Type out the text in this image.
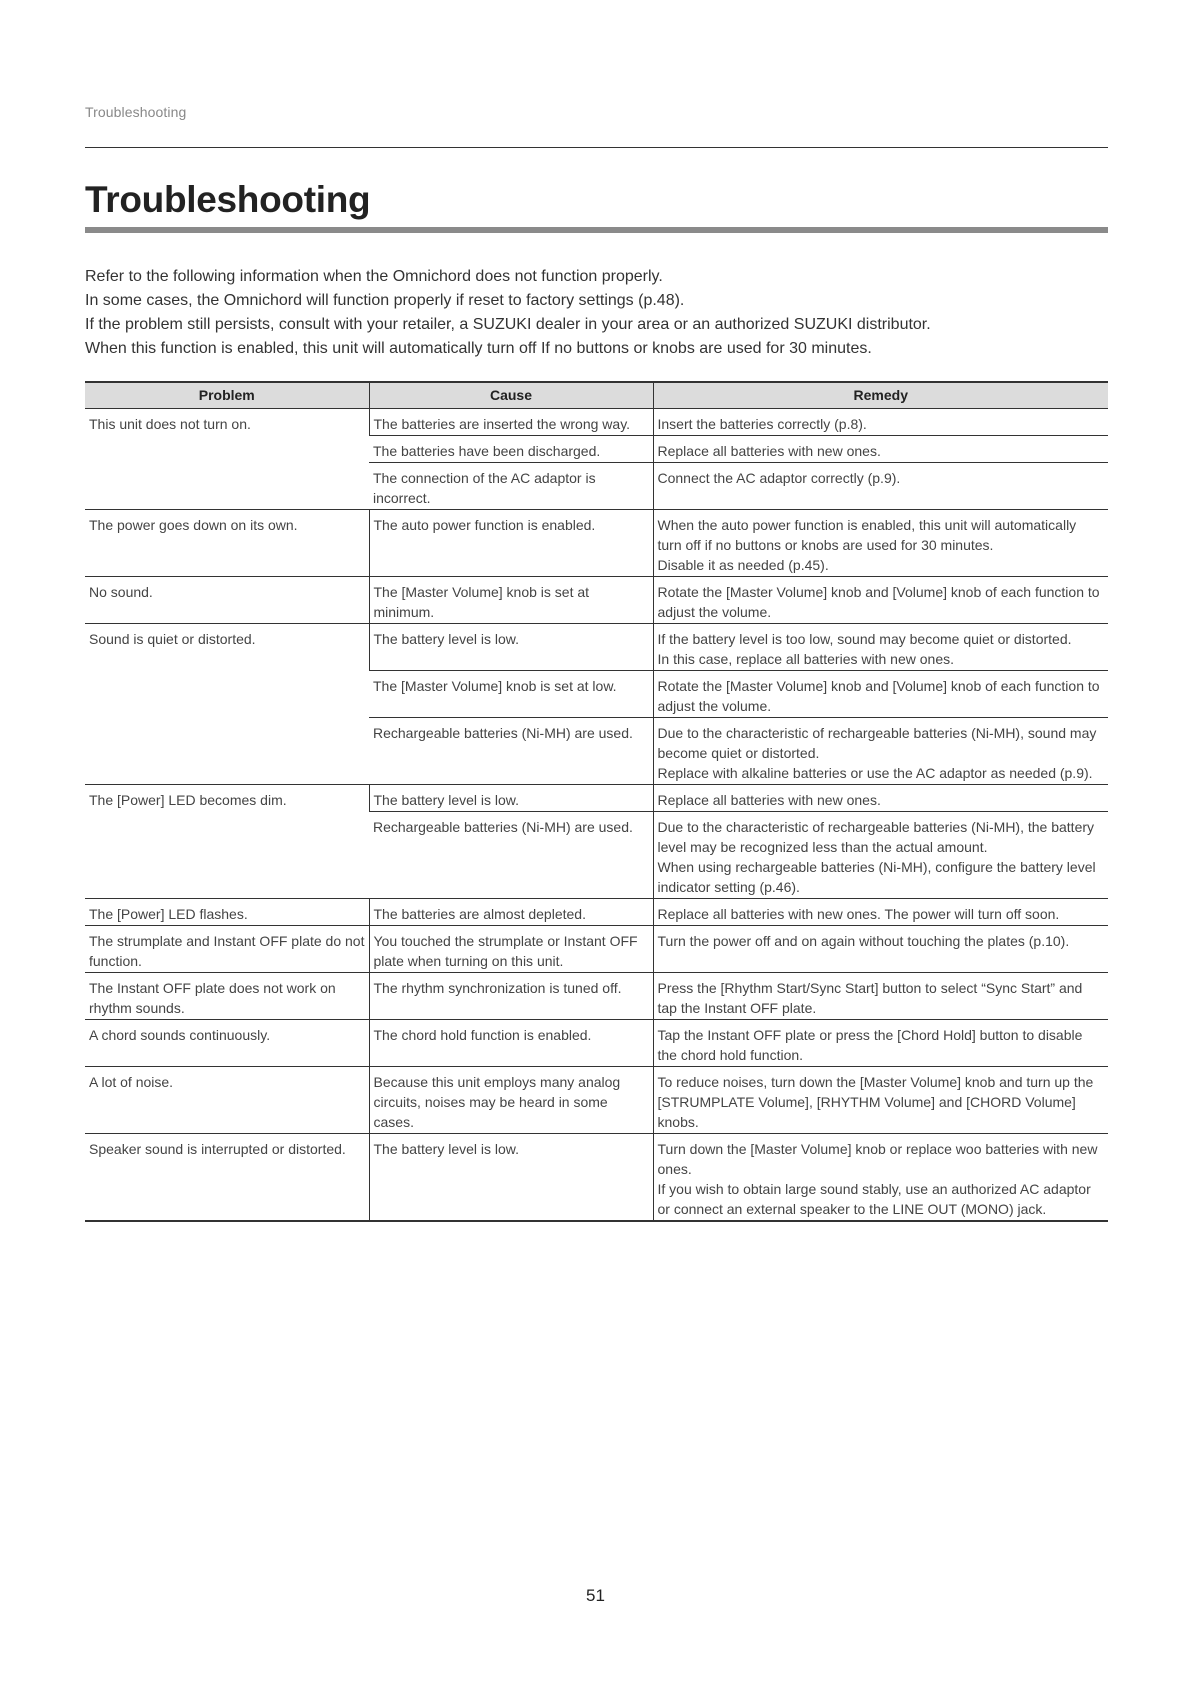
Troubleshooting
Troubleshooting

Refer to the following information when the Omnichord does not function properly.

In some cases, the Omnichord will function properly if reset to factory settings (p.48).

If the problem still persists, consult with your retailer, a SUZUKI dealer in your area or an authorized SUZUKI distributor.

When this function is enabled, this unit will automatically turn off If no buttons or knobs are used for 30 minutes.

Problem	Cause	Remedy
This unit does not turn on.	The batteries are inserted the wrong way.	Insert the batteries correctly (p.8).

	The batteries have been discharged.	Replace all batteries with new ones.

	The connection of the AC adaptor is incorrect.	Connect the AC adaptor correctly (p.9).

The power goes down on its own.	The auto power function is enabled.	When the auto power function is enabled, this unit will automatically turn off if no buttons or knobs are used for 30 minutes.
Disable it as needed (p.45).

No sound.	The [Master Volume] knob is set at minimum.	Rotate the [Master Volume] knob and [Volume] knob of each function to adjust the volume.

Sound is quiet or distorted.	The battery level is low.	If the battery level is too low, sound may become quiet or distorted.
In this case, replace all batteries with new ones.

	The [Master Volume] knob is set at low.	Rotate the [Master Volume] knob and [Volume] knob of each function to adjust the volume.

	Rechargeable batteries (Ni-MH) are used.	Due to the characteristic of rechargeable batteries (Ni-MH), sound may become quiet or distorted.
Replace with alkaline batteries or use the AC adaptor as needed (p.9).

The [Power] LED becomes dim.	The battery level is low.	Replace all batteries with new ones.

	Rechargeable batteries (Ni-MH) are used.	Due to the characteristic of rechargeable batteries (Ni-MH), the battery level may be recognized less than the actual amount.
When using rechargeable batteries (Ni-MH), configure the battery level indicator setting (p.46).

The [Power] LED flashes.	The batteries are almost depleted.	Replace all batteries with new ones. The power will turn off soon.

The strumplate and Instant OFF plate do not function.	You touched the strumplate or Instant OFF plate when turning on this unit.	Turn the power off and on again without touching the plates (p.10).

The Instant OFF plate does not work on rhythm sounds.	The rhythm synchronization is tuned off.	Press the [Rhythm Start/Sync Start] button to select “Sync Start” and tap the Instant OFF plate.

A chord sounds continuously.	The chord hold function is enabled.	Tap the Instant OFF plate or press the [Chord Hold] button to disable the chord hold function.

A lot of noise.	Because this unit employs many analog circuits, noises may be heard in some cases.	To reduce noises, turn down the [Master Volume] knob and turn up the [STRUMPLATE Volume], [RHYTHM Volume] and [CHORD Volume] knobs.

Speaker sound is interrupted or distorted.	The battery level is low.	Turn down the [Master Volume] knob or replace woo batteries with new ones.
If you wish to obtain large sound stably, use an authorized AC adaptor or connect an external speaker to the LINE OUT (MONO) jack.
51
